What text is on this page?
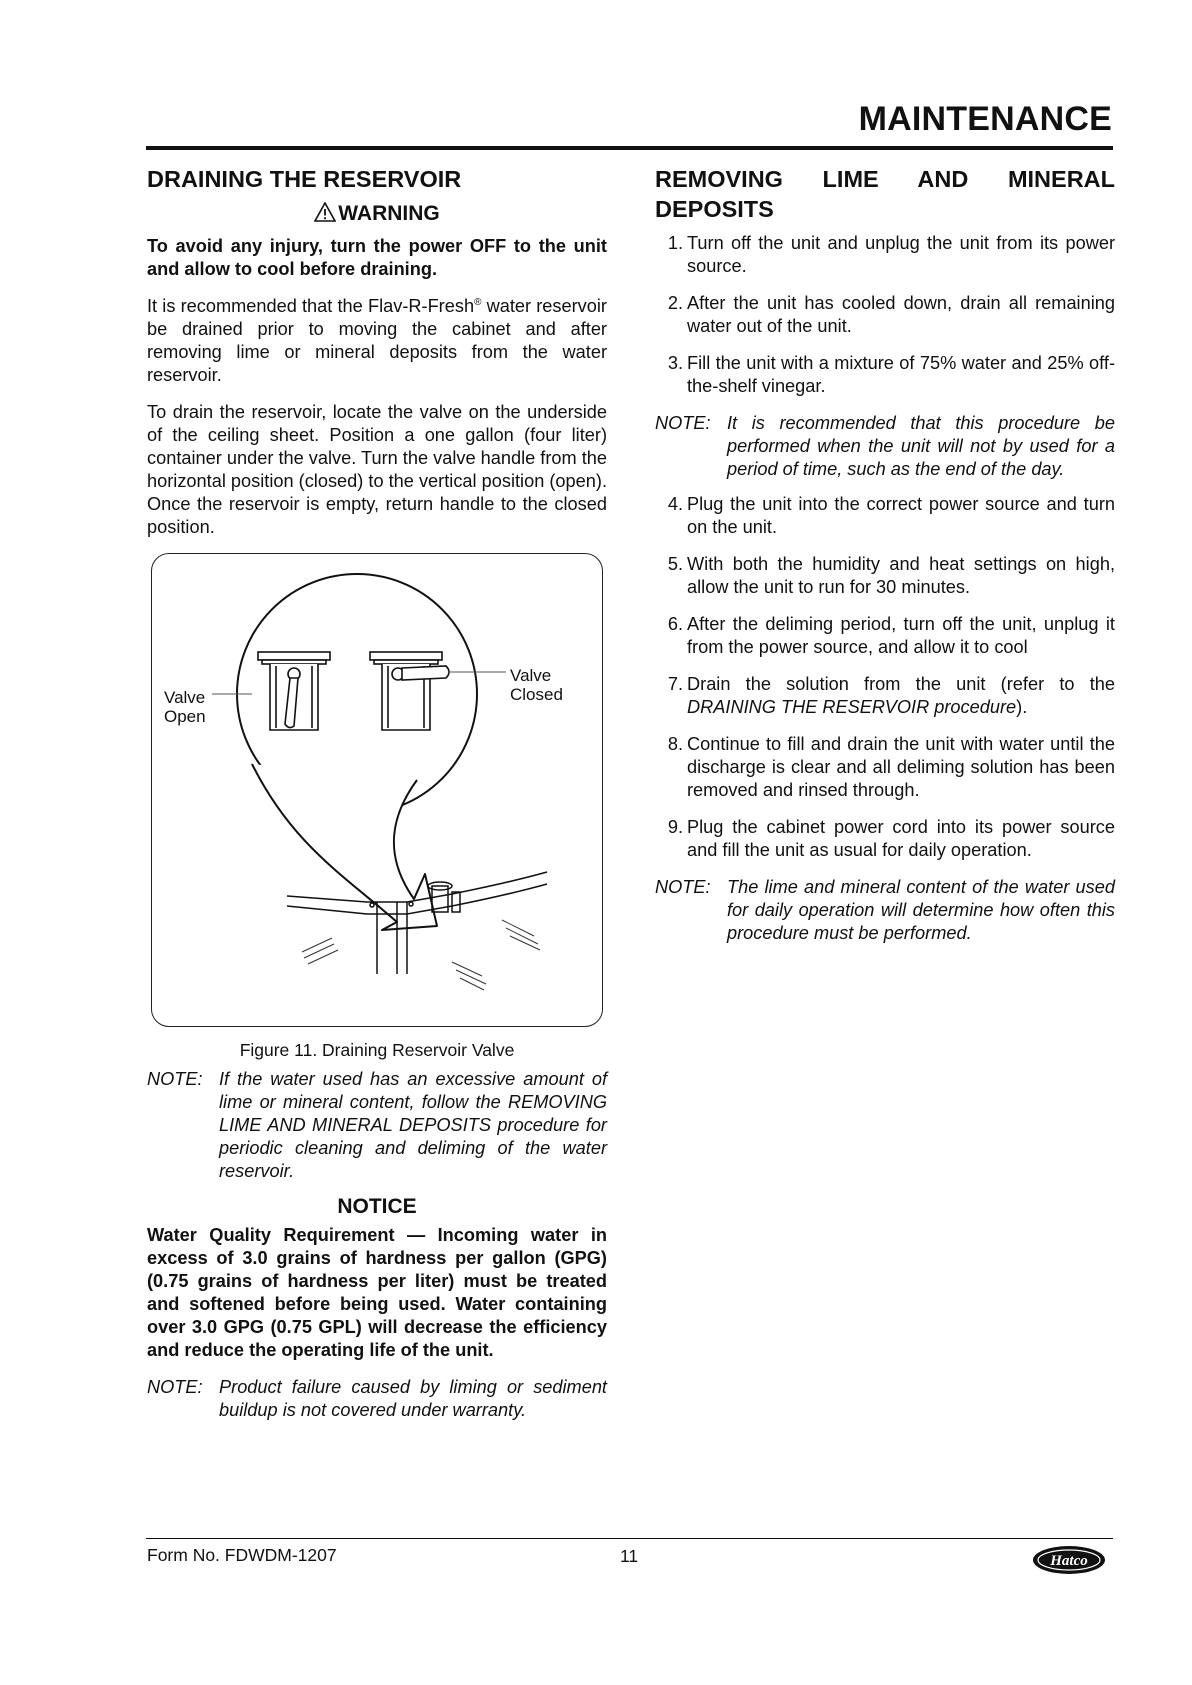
MAINTENANCE
DRAINING THE RESERVOIR
WARNING

To avoid any injury, turn the power OFF to the unit and allow to cool before draining.

It is recommended that the Flav-R-Fresh® water reservoir be drained prior to moving the cabinet and after removing lime or mineral deposits from the water reservoir.

To drain the reservoir, locate the valve on the underside of the ceiling sheet. Position a one gallon (four liter) container under the valve. Turn the valve handle from the horizontal position (closed) to the vertical position (open). Once the reservoir is empty, return handle to the closed position.

Valve
Open
Valve
Closed
Figure 11. Draining Reservoir Valve
NOTE: If the water used has an excessive amount of lime or mineral content, follow the REMOVING LIME AND MINERAL DEPOSITS procedure for periodic cleaning and deliming of the water reservoir.
NOTICE

Water Quality Requirement — Incoming water in excess of 3.0 grains of hardness per gallon (GPG) (0.75 grains of hardness per liter) must be treated and softened before being used. Water containing over 3.0 GPG (0.75 GPL) will decrease the efficiency and reduce the operating life of the unit.

NOTE: Product failure caused by liming or sediment buildup is not covered under warranty.
REMOVING LIME AND MINERAL DEPOSITS
1. Turn off the unit and unplug the unit from its power source.
2. After the unit has cooled down, drain all remaining water out of the unit.
3. Fill the unit with a mixture of 75% water and 25% off-the-shelf vinegar.
NOTE: It is recommended that this procedure be performed when the unit will not by used for a period of time, such as the end of the day.
4. Plug the unit into the correct power source and turn on the unit.
5. With both the humidity and heat settings on high, allow the unit to run for 30 minutes.
6. After the deliming period, turn off the unit, unplug it from the power source, and allow it to cool
7. Drain the solution from the unit (refer to the DRAINING THE RESERVOIR procedure).
8. Continue to fill and drain the unit with water until the discharge is clear and all deliming solution has been removed and rinsed through.
9. Plug the cabinet power cord into its power source and fill the unit as usual for daily operation.
NOTE: The lime and mineral content of the water used for daily operation will determine how often this procedure must be performed.
Form No. FDWDM-1207	11	Hatco
